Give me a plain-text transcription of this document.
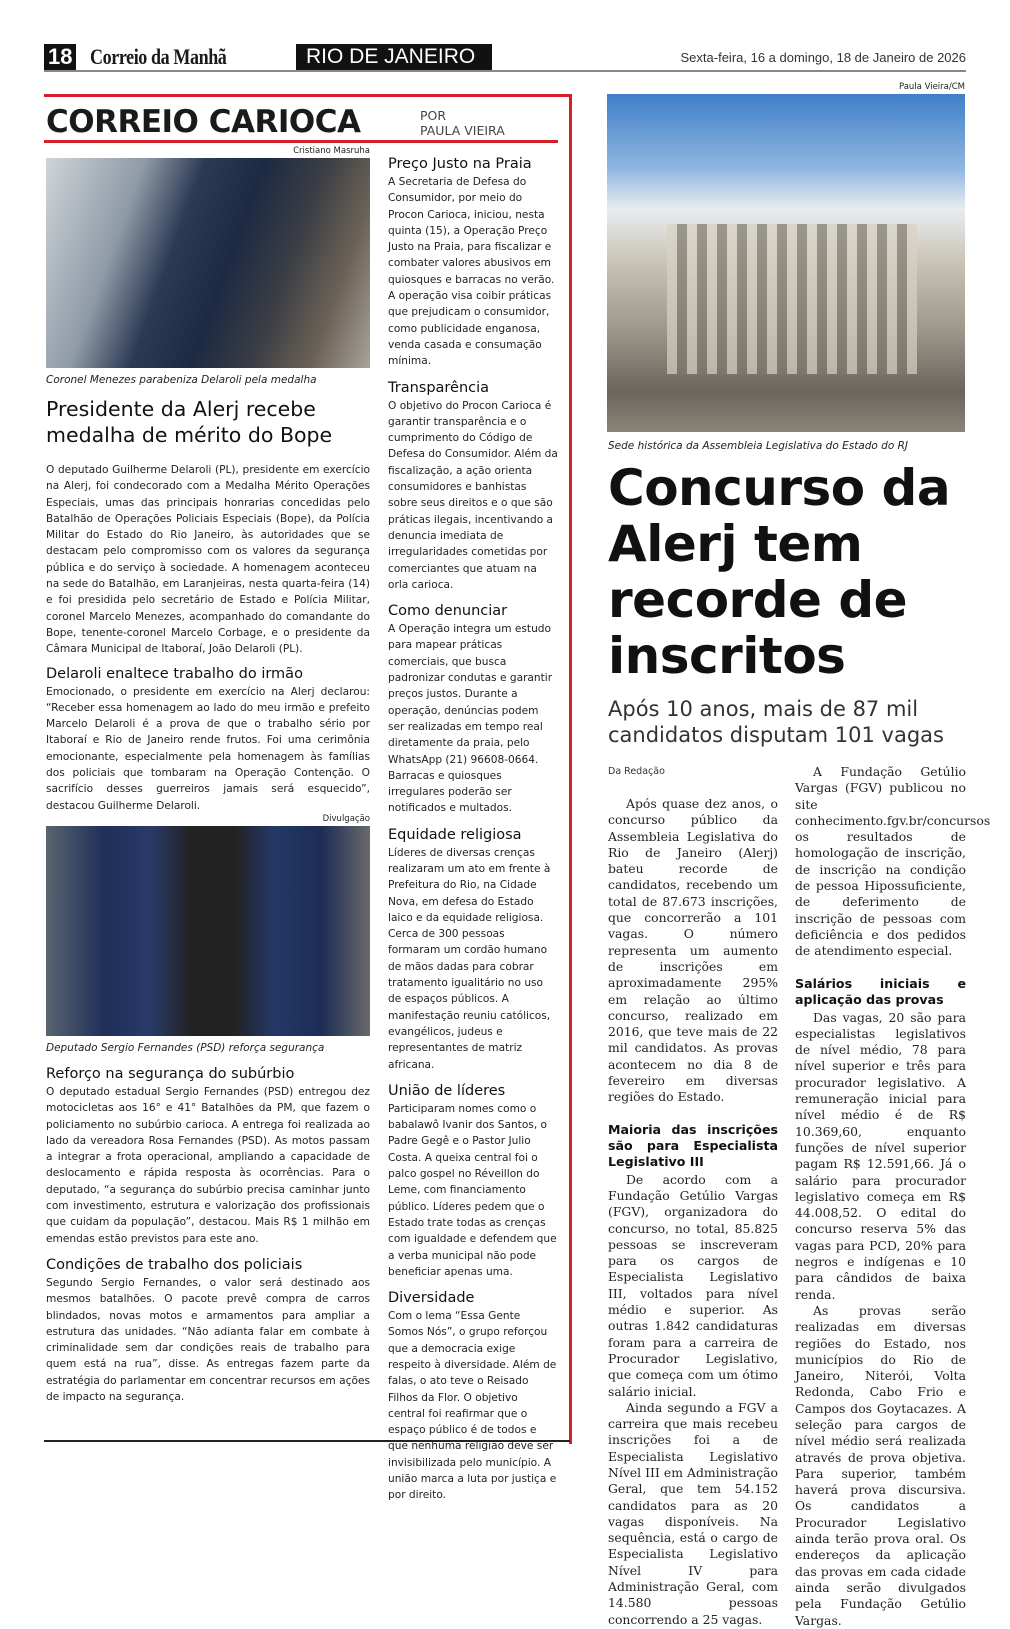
18 Correio da Manhã	RIO DE JANEIRO	Sexta-feira, 16 a domingo, 18 de Janeiro de 2026
CORREIO CARIOCA	POR
PAULA VIEIRA
Cristiano Masruha
Coronel Menezes parabeniza Delaroli pela medalha
Presidente da Alerj recebe medalha de mérito do Bope
O deputado Guilherme Delaroli (PL), presidente em exercício na Alerj, foi condecorado com a Medalha Mérito Operações Especiais, umas das principais honrarias concedidas pelo Batalhão de Operações Policiais Especiais (Bope), da Polícia Militar do Estado do Rio Janeiro, às autoridades que se destacam pelo compromisso com os valores da segurança pública e do serviço à sociedade. A homenagem aconteceu na sede do Batalhão, em Laranjeiras, nesta quarta-feira (14) e foi presidida pelo secretário de Estado e Polícia Militar, coronel Marcelo Menezes, acompanhado do comandante do Bope, tenente-coronel Marcelo Corbage, e o presidente da Câmara Municipal de Itaboraí, João Delaroli (PL).
Delaroli enaltece trabalho do irmão
Emocionado, o presidente em exercício na Alerj declarou: “Receber essa homenagem ao lado do meu irmão e prefeito Marcelo Delaroli é a prova de que o trabalho sério por Itaboraí e Rio de Janeiro rende frutos. Foi uma cerimônia emocionante, especialmente pela homenagem às famílias dos policiais que tombaram na Operação Contenção. O sacrifício desses guerreiros jamais será esquecido”, destacou Guilherme Delaroli.
Divulgação
Deputado Sergio Fernandes (PSD) reforça segurança
Reforço na segurança do subúrbio
O deputado estadual Sergio Fernandes (PSD) entregou dez motocicletas aos 16° e 41° Batalhões da PM, que fazem o policiamento no subúrbio carioca. A entrega foi realizada ao lado da vereadora Rosa Fernandes (PSD). As motos passam a integrar a frota operacional, ampliando a capacidade de deslocamento e rápida resposta às ocorrências. Para o deputado, “a segurança do subúrbio precisa caminhar junto com investimento, estrutura e valorização dos profissionais que cuidam da população”, destacou. Mais R$ 1 milhão em emendas estão previstos para este ano.
Condições de trabalho dos policiais
Segundo Sergio Fernandes, o valor será destinado aos mesmos batalhões. O pacote prevê compra de carros blindados, novas motos e armamentos para ampliar a estrutura das unidades. “Não adianta falar em combate à criminalidade sem dar condições reais de trabalho para quem está na rua”, disse. As entregas fazem parte da estratégia do parlamentar em concentrar recursos em ações de impacto na segurança.
Preço Justo na Praia
A Secretaria de Defesa do Consumidor, por meio do Procon Carioca, iniciou, nesta quinta (15), a Operação Preço Justo na Praia, para fiscalizar e combater valores abusivos em quiosques e barracas no verão. A operação visa coibir práticas que prejudicam o consumidor, como publicidade enganosa, venda casada e consumação mínima.
Transparência
O objetivo do Procon Carioca é garantir transparência e o cumprimento do Código de Defesa do Consumidor. Além da fiscalização, a ação orienta consumidores e banhistas sobre seus direitos e o que são práticas ilegais, incentivando a denuncia imediata de irregularidades cometidas por comerciantes que atuam na orla carioca.
Como denunciar
A Operação integra um estudo para mapear práticas comerciais, que busca padronizar condutas e garantir preços justos. Durante a operação, denúncias podem ser realizadas em tempo real diretamente da praia, pelo WhatsApp (21) 96608-0664. Barracas e quiosques irregulares poderão ser notificados e multados.
Equidade religiosa
Líderes de diversas crenças realizaram um ato em frente à Prefeitura do Rio, na Cidade Nova, em defesa do Estado laico e da equidade religiosa. Cerca de 300 pessoas formaram um cordão humano de mãos dadas para cobrar tratamento igualitário no uso de espaços públicos. A manifestação reuniu católicos, evangélicos, judeus e representantes de matriz africana.
União de líderes
Participaram nomes como o babalawô Ivanir dos Santos, o Padre Gegê e o Pastor Julio Costa. A queixa central foi o palco gospel no Réveillon do Leme, com financiamento público. Líderes pedem que o Estado trate todas as crenças com igualdade e defendem que a verba municipal não pode beneficiar apenas uma.
Diversidade
Com o lema “Essa Gente Somos Nós”, o grupo reforçou que a democracia exige respeito à diversidade. Além de falas, o ato teve o Reisado Filhos da Flor. O objetivo central foi reafirmar que o espaço público é de todos e que nenhuma religião deve ser invisibilizada pelo município. A união marca a luta por justiça e por direito.
Paula Vieira/CM
Sede histórica da Assembleia Legislativa do Estado do RJ
Concurso da Alerj tem recorde de inscritos
Após 10 anos, mais de 87 mil candidatos disputam 101 vagas
Da Redação

Após quase dez anos, o concurso público da Assembleia Legislativa do Rio de Janeiro (Alerj) bateu recorde de candidatos, recebendo um total de 87.673 inscrições, que concorrerão a 101 vagas. O número representa um aumento de inscrições em aproximadamente 295% em relação ao último concurso, realizado em 2016, que teve mais de 22 mil candidatos. As provas acontecem no dia 8 de fevereiro em diversas regiões do Estado.

Maioria das inscrições são para Especialista Legislativo III

De acordo com a Fundação Getúlio Vargas (FGV), organizadora do concurso, no total, 85.825 pessoas se inscreveram para os cargos de Especialista Legislativo III, voltados para nível médio e superior. As outras 1.842 candidaturas foram para a carreira de Procurador Legislativo, que começa com um ótimo salário inicial.

Ainda segundo a FGV a carreira que mais recebeu inscrições foi a de Especialista Legislativo Nível III em Administração Geral, que tem 54.152 candidatos para as 20 vagas disponíveis. Na sequência, está o cargo de Especialista Legislativo Nível IV para Administração Geral, com 14.580 pessoas concorrendo a 25 vagas.

A Fundação Getúlio Vargas (FGV) publicou no site conhecimento.fgv.br/concursos os resultados de homologação de inscrição, de inscrição na condição de pessoa Hipossuficiente, de deferimento de inscrição de pessoas com deficiência e dos pedidos de atendimento especial.

Salários iniciais e aplicação das provas

Das vagas, 20 são para especialistas legislativos de nível médio, 78 para nível superior e três para procurador legislativo. A remuneração inicial para nível médio é de R$ 10.369,60, enquanto funções de nível superior pagam R$ 12.591,66. Já o salário para procurador legislativo começa em R$ 44.008,52. O edital do concurso reserva 5% das vagas para PCD, 20% para negros e indígenas e 10 para cândidos de baixa renda.

As provas serão realizadas em diversas regiões do Estado, nos municípios do Rio de Janeiro, Niterói, Volta Redonda, Cabo Frio e Campos dos Goytacazes. A seleção para cargos de nível médio será realizada através de prova objetiva. Para superior, também haverá prova discursiva. Os candidatos a Procurador Legislativo ainda terão prova oral. Os endereços da aplicação das provas em cada cidade ainda serão divulgados pela Fundação Getúlio Vargas.
